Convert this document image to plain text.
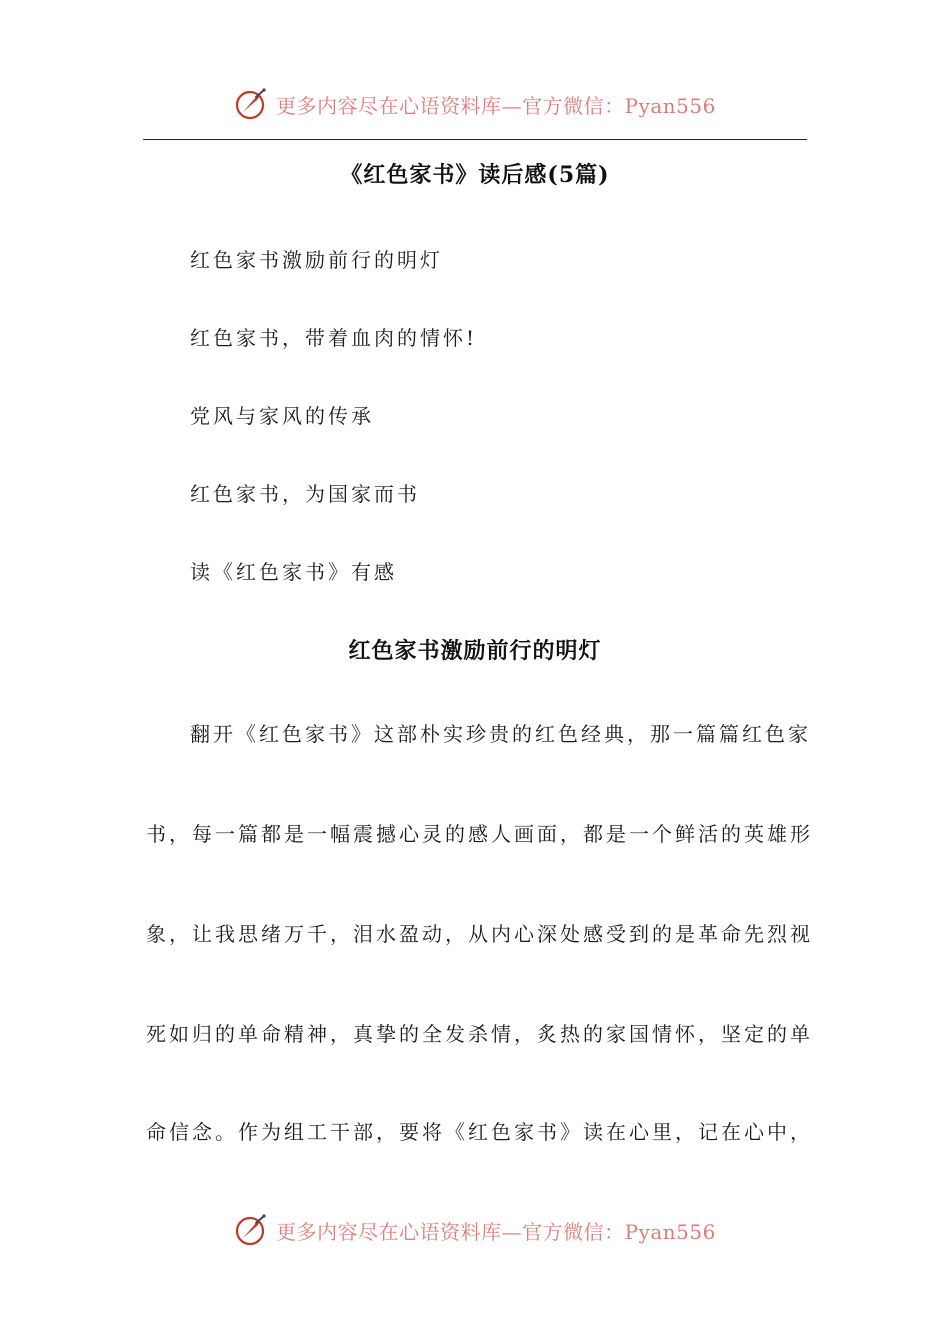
更多内容尽在心语资料库—官方微信：Pyan556
《红色家书》读后感(5篇)
红色家书激励前行的明灯
红色家书，带着血肉的情怀!
党风与家风的传承
红色家书，为国家而书
读《红色家书》有感
红色家书激励前行的明灯
翻开《红色家书》这部朴实珍贵的红色经典，那一篇篇红色家
书，每一篇都是一幅震撼心灵的感人画面，都是一个鲜活的英雄形
象，让我思绪万千，泪水盈动，从内心深处感受到的是革命先烈视
死如归的单命精神，真挚的全发杀情，炙热的家国情怀，坚定的单
命信念。作为组工干部，要将《红色家书》读在心里，记在心中，
更多内容尽在心语资料库—官方微信：Pyan556
